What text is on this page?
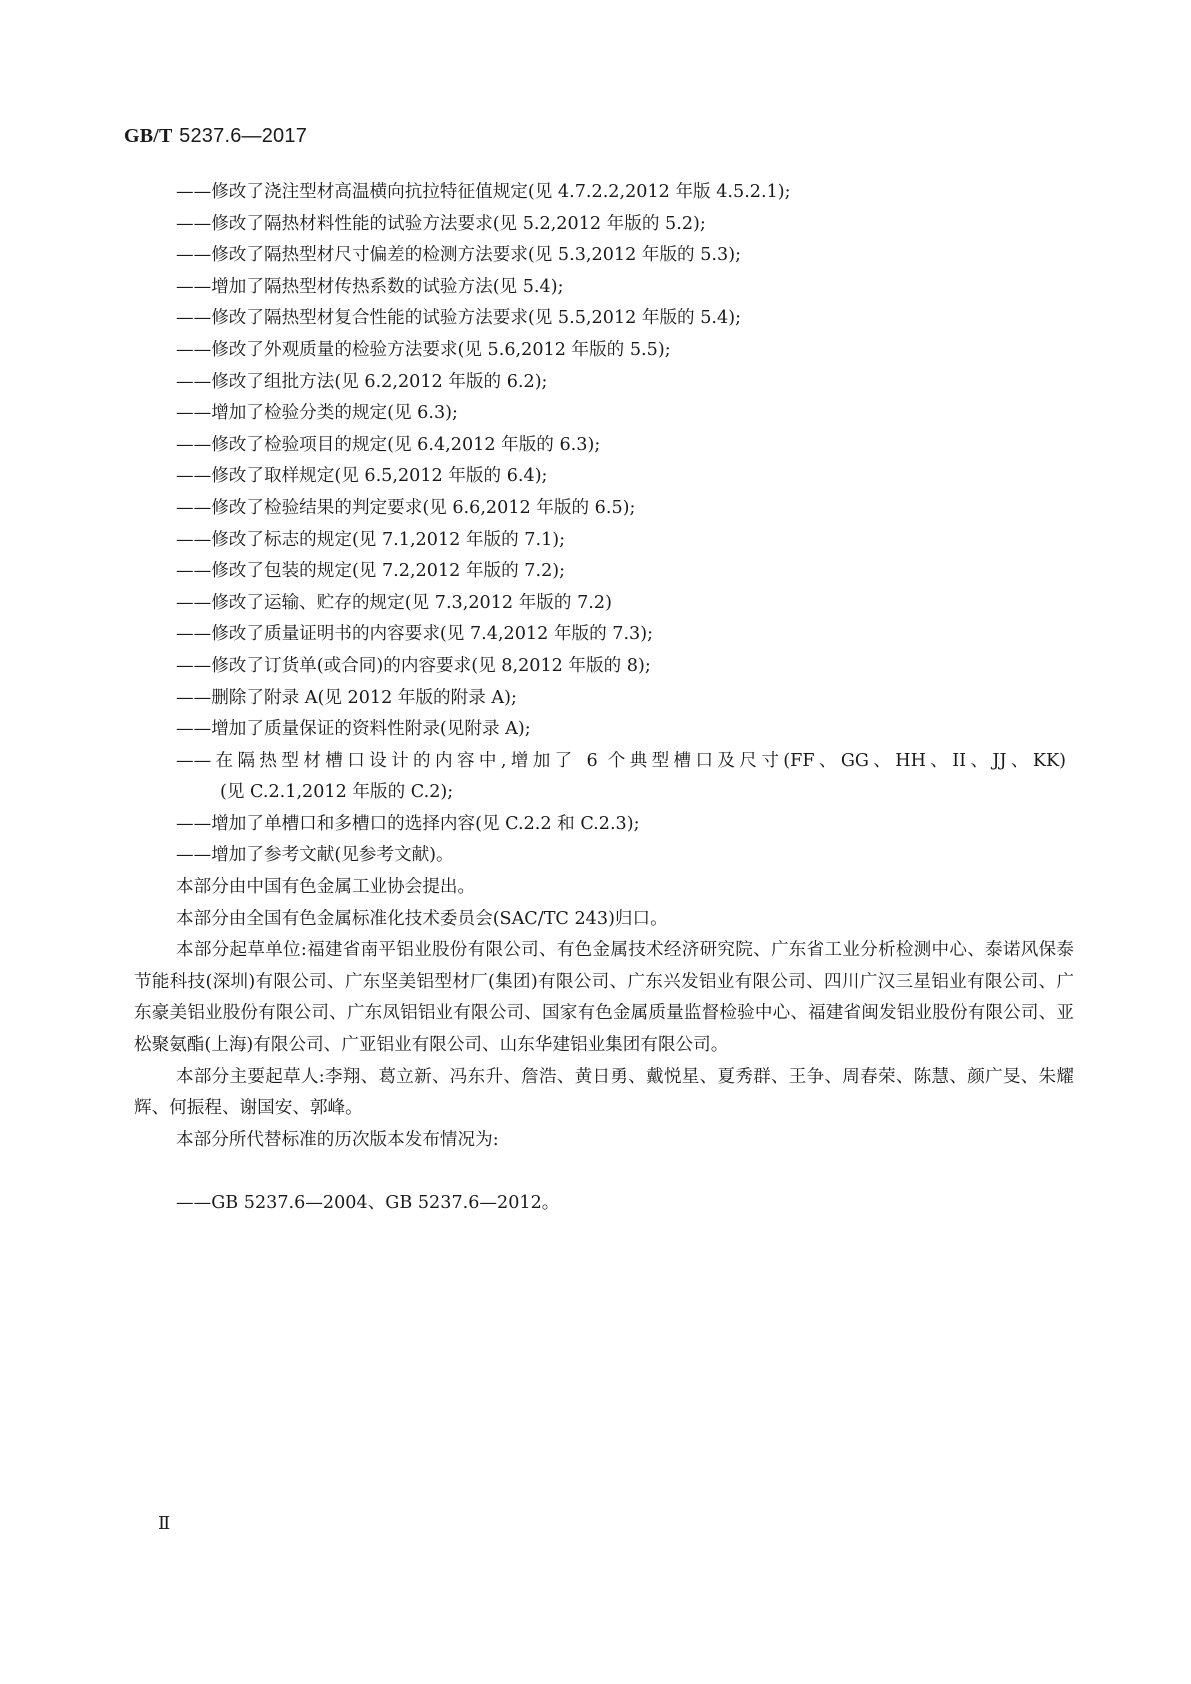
GB/T 5237.6—2017
——修改了浇注型材高温横向抗拉特征值规定(见 4.7.2.2,2012 年版 4.5.2.1);
——修改了隔热材料性能的试验方法要求(见 5.2,2012 年版的 5.2);
——修改了隔热型材尺寸偏差的检测方法要求(见 5.3,2012 年版的 5.3);
——增加了隔热型材传热系数的试验方法(见 5.4);
——修改了隔热型材复合性能的试验方法要求(见 5.5,2012 年版的 5.4);
——修改了外观质量的检验方法要求(见 5.6,2012 年版的 5.5);
——修改了组批方法(见 6.2,2012 年版的 6.2);
——增加了检验分类的规定(见 6.3);
——修改了检验项目的规定(见 6.4,2012 年版的 6.3);
——修改了取样规定(见 6.5,2012 年版的 6.4);
——修改了检验结果的判定要求(见 6.6,2012 年版的 6.5);
——修改了标志的规定(见 7.1,2012 年版的 7.1);
——修改了包装的规定(见 7.2,2012 年版的 7.2);
——修改了运输、贮存的规定(见 7.3,2012 年版的 7.2)
——修改了质量证明书的内容要求(见 7.4,2012 年版的 7.3);
——修改了订货单(或合同)的内容要求(见 8,2012 年版的 8);
——删除了附录 A(见 2012 年版的附录 A);
——增加了质量保证的资料性附录(见附录 A);
——在隔热型材槽口设计的内容中,增加了 6 个典型槽口及尺寸(FF、GG、HH、II、JJ、KK)
(见 C.2.1,2012 年版的 C.2);
——增加了单槽口和多槽口的选择内容(见 C.2.2 和 C.2.3);
——增加了参考文献(见参考文献)。

本部分由中国有色金属工业协会提出。

本部分由全国有色金属标准化技术委员会(SAC/TC 243)归口。

本部分起草单位:福建省南平铝业股份有限公司、有色金属技术经济研究院、广东省工业分析检测中心、泰诺风保泰节能科技(深圳)有限公司、广东坚美铝型材厂(集团)有限公司、广东兴发铝业有限公司、四川广汉三星铝业有限公司、广东豪美铝业股份有限公司、广东凤铝铝业有限公司、国家有色金属质量监督检验中心、福建省闽发铝业股份有限公司、亚松聚氨酯(上海)有限公司、广亚铝业有限公司、山东华建铝业集团有限公司。

本部分主要起草人:李翔、葛立新、冯东升、詹浩、黄日勇、戴悦星、夏秀群、王争、周春荣、陈慧、颜广旻、朱耀辉、何振程、谢国安、郭峰。

本部分所代替标准的历次版本发布情况为:

——GB 5237.6—2004、GB 5237.6—2012。
Ⅱ
